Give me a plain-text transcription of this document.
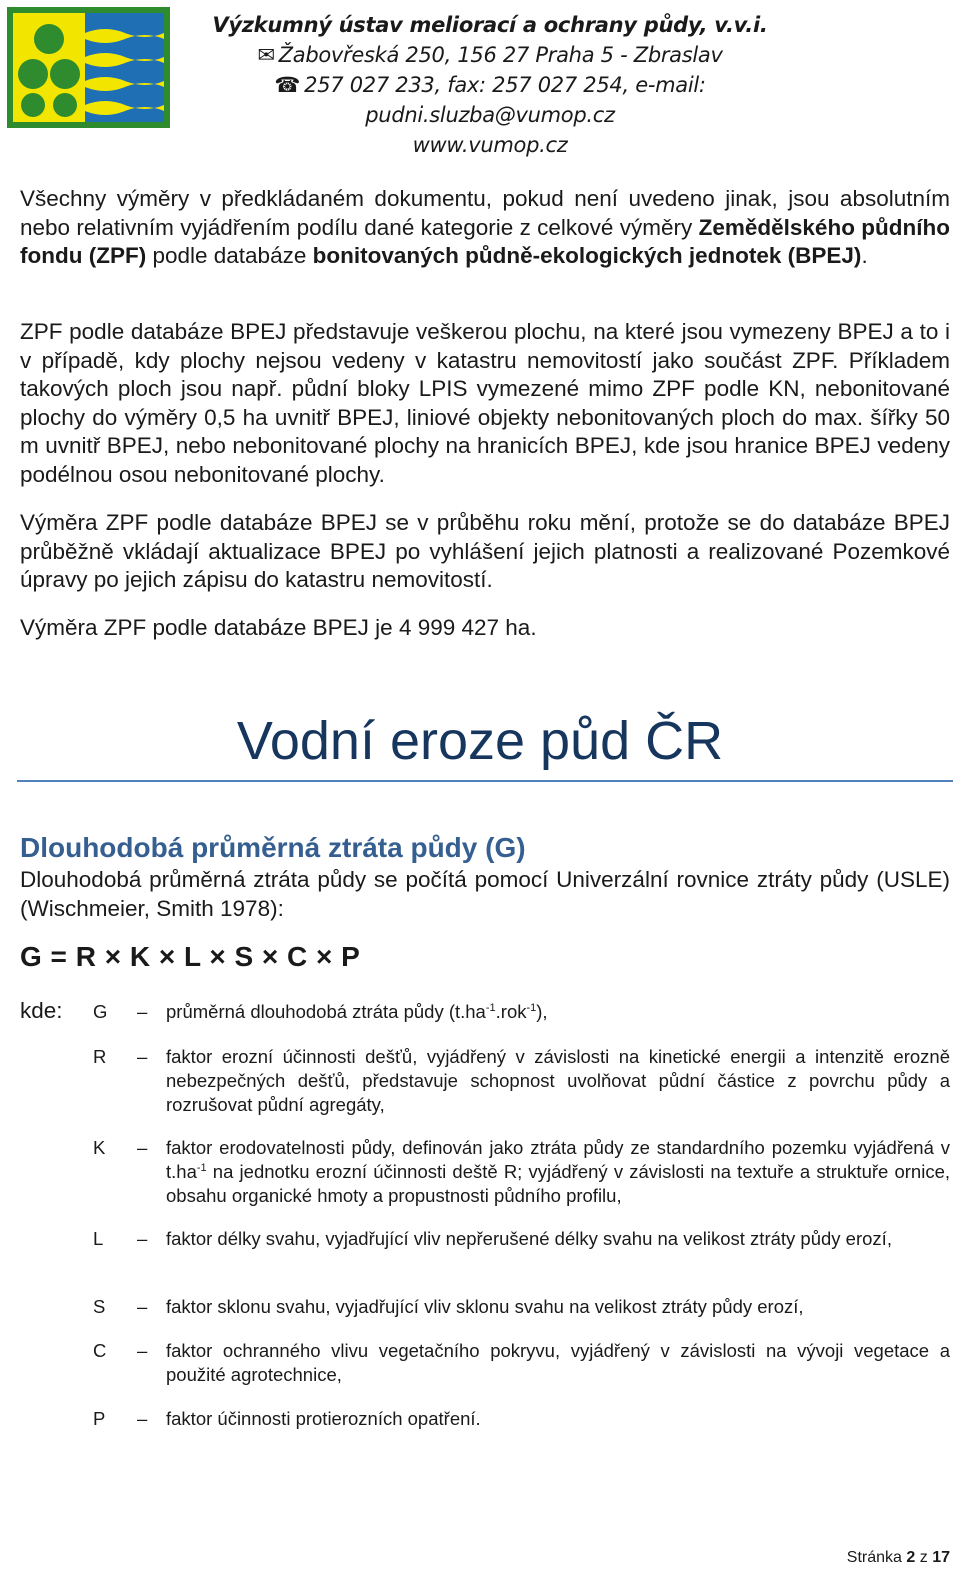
Výzkumný ústav meliorací a ochrany půdy, v.v.i.
✉ Žabovřeská 250, 156 27 Praha 5 - Zbraslav
☎ 257 027 233, fax: 257 027 254, e-mail: pudni.sluzba@vumop.cz
www.vumop.cz

Všechny výměry v předkládaném dokumentu, pokud není uvedeno jinak, jsou absolutním nebo relativním vyjádřením podílu dané kategorie z celkové výměry Zemědělského půdního fondu (ZPF) podle databáze bonitovaných půdně-ekologických jednotek (BPEJ).

ZPF podle databáze BPEJ představuje veškerou plochu, na které jsou vymezeny BPEJ a to i v případě, kdy plochy nejsou vedeny v katastru nemovitostí jako součást ZPF. Příkladem takových ploch jsou např. půdní bloky LPIS vymezené mimo ZPF podle KN, nebonitované plochy do výměry 0,5 ha uvnitř BPEJ, liniové objekty nebonitovaných ploch do max. šířky 50 m uvnitř BPEJ, nebo nebonitované plochy na hranicích BPEJ, kde jsou hranice BPEJ vedeny podélnou osou nebonitované plochy.

Výměra ZPF podle databáze BPEJ se v průběhu roku mění, protože se do databáze BPEJ průběžně vkládají aktualizace BPEJ po vyhlášení jejich platnosti a realizované Pozemkové úpravy po jejich zápisu do katastru nemovitostí.

Výměra ZPF podle databáze BPEJ je 4 999 427 ha.

Vodní eroze půd ČR
Dlouhodobá průměrná ztráta půdy (G)

Dlouhodobá průměrná ztráta půdy se počítá pomocí Univerzální rovnice ztráty půdy (USLE) (Wischmeier, Smith 1978):

G = R × K × L × S × C × P
kde: G	– průměrná dlouhodobá ztráta půdy $(t.ha^{-1}.rok^{-1})$,
R	– faktor erozní účinnosti dešťů, vyjádřený v závislosti na kinetické energii a intenzitě erozně nebezpečných dešťů, představuje schopnost uvolňovat půdní částice z povrchu půdy a rozrušovat půdní agregáty,
K	– faktor erodovatelnosti půdy, definován jako ztráta půdy ze standardního pozemku vyjádřená v $t.ha^{-1}$ na jednotku erozní účinnosti deště R; vyjádřený v závislosti na textuře a struktuře ornice, obsahu organické hmoty a propustnosti půdního profilu,
L	– faktor délky svahu, vyjadřující vliv nepřerušené délky svahu na velikost ztráty půdy erozí,
S	– faktor sklonu svahu, vyjadřující vliv sklonu svahu na velikost ztráty půdy erozí,
C	– faktor ochranného vlivu vegetačního pokryvu, vyjádřený v závislosti na vývoji vegetace a použité agrotechnice,
P	– faktor účinnosti protierozních opatření.
Stránka 2 z 17
